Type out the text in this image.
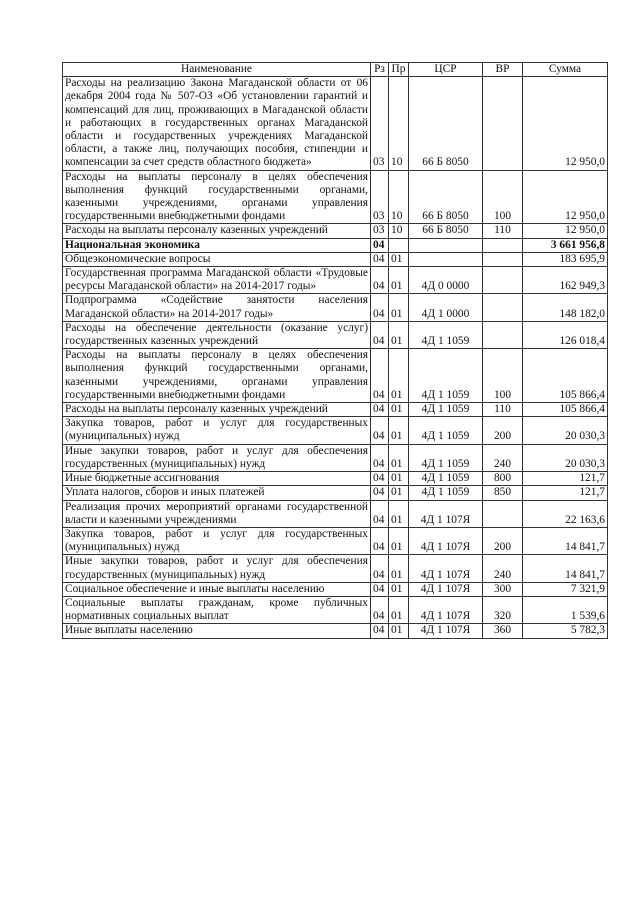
Наименование	Рз	Пр	ЦСР	ВР	Сумма
Расходы на реализацию Закона Магаданской области от 06 декабря 2004 года № 507-ОЗ «Об установлении гарантий и компенсаций для лиц, проживающих в Магаданской области и работающих в государственных органах Магаданской области и государственных учреждениях Магаданской области, а также лиц, получающих пособия, стипендии и компенсации за счет средств областного бюджета»	03	10	66 Б 8050		12 950,0
Расходы на выплаты персоналу в целях обеспечения выполнения функций государственными органами, казенными учреждениями, органами управления государственными внебюджетными фондами	03	10	66 Б 8050	100	12 950,0
Расходы на выплаты персоналу казенных учреждений	03	10	66 Б 8050	110	12 950,0
Национальная экономика	04				3 661 956,8
Общеэкономические вопросы	04	01			183 695,9
Государственная программа Магаданской области «Трудовые ресурсы Магаданской области» на 2014-2017 годы»	04	01	4Д 0 0000		162 949,3
Подпрограмма «Содействие занятости населения Магаданской области» на 2014-2017 годы»	04	01	4Д 1 0000		148 182,0
Расходы на обеспечение деятельности (оказание услуг) государственных казенных учреждений	04	01	4Д 1 1059		126 018,4
Расходы на выплаты персоналу в целях обеспечения выполнения функций государственными органами, казенными учреждениями, органами управления государственными внебюджетными фондами	04	01	4Д 1 1059	100	105 866,4
Расходы на выплаты персоналу казенных учреждений	04	01	4Д 1 1059	110	105 866,4
Закупка товаров, работ и услуг для государственных (муниципальных) нужд	04	01	4Д 1 1059	200	20 030,3
Иные закупки товаров, работ и услуг для обеспечения государственных (муниципальных) нужд	04	01	4Д 1 1059	240	20 030,3
Иные бюджетные ассигнования	04	01	4Д 1 1059	800	121,7
Уплата налогов, сборов и иных платежей	04	01	4Д 1 1059	850	121,7
Реализация прочих мероприятий органами государственной власти и казенными учреждениями	04	01	4Д 1 107Я		22 163,6
Закупка товаров, работ и услуг для государственных (муниципальных) нужд	04	01	4Д 1 107Я	200	14 841,7
Иные закупки товаров, работ и услуг для обеспечения государственных (муниципальных) нужд	04	01	4Д 1 107Я	240	14 841,7
Социальное обеспечение и иные выплаты населению	04	01	4Д 1 107Я	300	7 321,9
Социальные выплаты гражданам, кроме публичных нормативных социальных выплат	04	01	4Д 1 107Я	320	1 539,6
Иные выплаты населению	04	01	4Д 1 107Я	360	5 782,3
